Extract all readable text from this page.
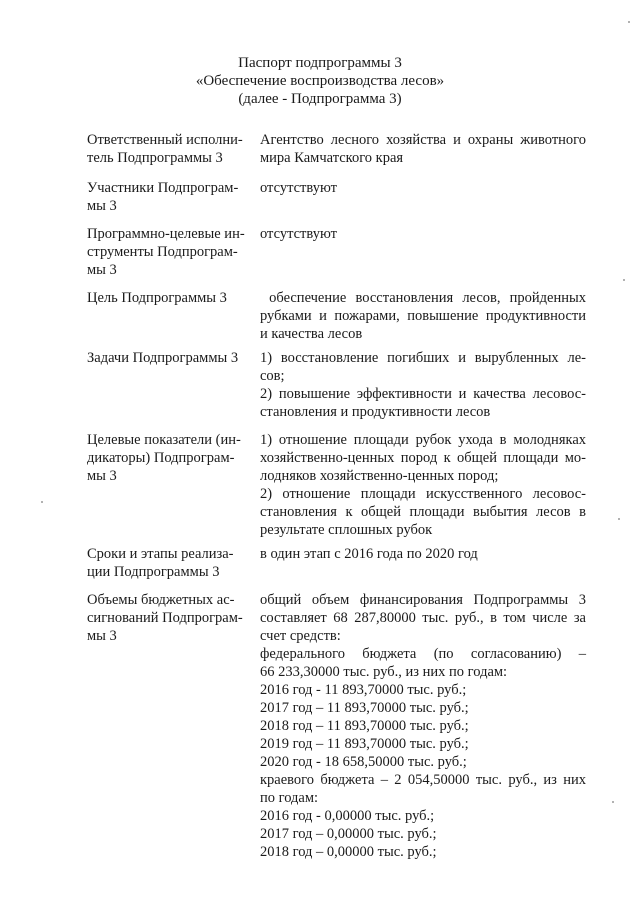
Паспорт подпрограммы 3
«Обеспечение воспроизводства лесов»
(далее - Подпрограмма 3)
Ответственный исполни-
тель Подпрограммы 3
Агентство лесного хозяйства и охраны животного
мира Камчатского края
Участники Подпрограм-
мы 3
отсутствуют
Программно-целевые ин-
струменты Подпрограм-
мы 3
отсутствуют
Цель Подпрограммы 3	обеспечение восстановления лесов, пройденных
рубками и пожарами, повышение продуктивности
и качества лесов
Задачи Подпрограммы 3	1) восстановление погибших и вырубленных ле-
сов;
2) повышение эффективности и качества лесовос-
становления и продуктивности лесов
Целевые показатели (ин-
дикаторы) Подпрограм-
мы 3
1) отношение площади рубок ухода в молодняках
хозяйственно-ценных пород к общей площади мо-
лодняков хозяйственно-ценных пород;
2) отношение площади искусственного лесовос-
становления к общей площади выбытия лесов в
результате сплошных рубок
Сроки и этапы реализа-
ции Подпрограммы 3
в один этап с 2016 года по 2020 год
Объемы бюджетных ас-
сигнований Подпрограм-
мы 3
общий объем финансирования Подпрограммы 3
составляет 68 287,80000 тыс. руб., в том числе за
счет средств:
федерального бюджета (по согласованию) –
66 233,30000 тыс. руб., из них по годам:
2016 год - 11 893,70000 тыс. руб.;
2017 год – 11 893,70000 тыс. руб.;
2018 год – 11 893,70000 тыс. руб.;
2019 год – 11 893,70000 тыс. руб.;
2020 год - 18 658,50000 тыс. руб.;
краевого бюджета – 2 054,50000 тыс. руб., из них
по годам:
2016 год - 0,00000 тыс. руб.;
2017 год – 0,00000 тыс. руб.;
2018 год – 0,00000 тыс. руб.;
